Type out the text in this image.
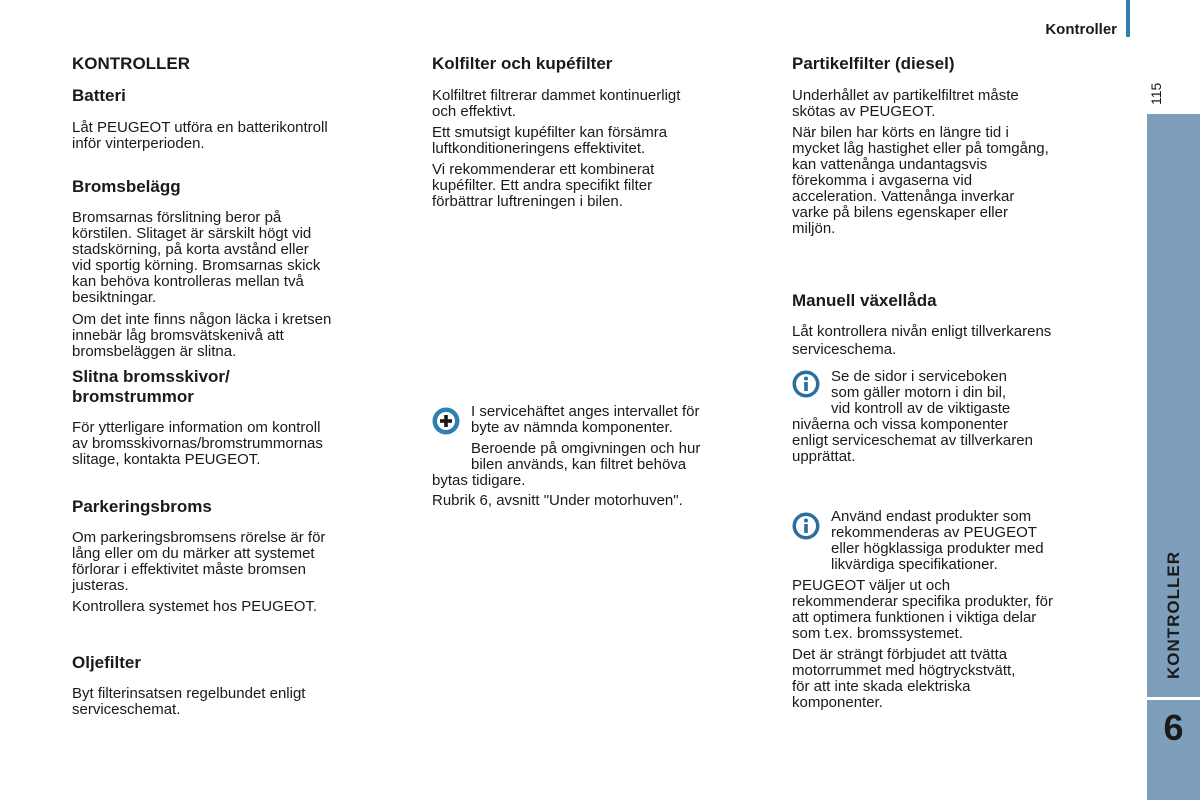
Kontroller
115
KONTROLLER
6
KONTROLLER
Batteri
Låt PEUGEOT utföra en batterikontroll
inför vinterperioden.
Bromsbelägg
Bromsarnas förslitning beror på
körstilen. Slitaget är särskilt högt vid
stadskörning, på korta avstånd eller
vid sportig körning. Bromsarnas skick
kan behöva kontrolleras mellan två
besiktningar.
Om det inte finns någon läcka i kretsen
innebär låg bromsvätskenivå att
bromsbeläggen är slitna.
Slitna bromsskivor/
bromstrummor
För ytterligare information om kontroll
av bromsskivornas/bromstrummornas
slitage, kontakta PEUGEOT.
Parkeringsbroms
Om parkeringsbromsens rörelse är för
lång eller om du märker att systemet
förlorar i effektivitet måste bromsen
justeras.
Kontrollera systemet hos PEUGEOT.
Oljefilter
Byt filterinsatsen regelbundet enligt
serviceschemat.
Kolfilter och kupéfilter
Kolfiltret filtrerar dammet kontinuerligt
och effektivt.
Ett smutsigt kupéfilter kan försämra
luftkonditioneringens effektivitet.
Vi rekommenderar ett kombinerat
kupéfilter. Ett andra specifikt filter
förbättrar luftreningen i bilen.
I servicehäftet anges intervallet för
byte av nämnda komponenter.
Beroende på omgivningen och hur
bilen används, kan filtret behöva
bytas tidigare.
Rubrik 6, avsnitt "Under motorhuven".
Partikelfilter (diesel)
Underhållet av partikelfiltret måste
skötas av PEUGEOT.
När bilen har körts en längre tid i
mycket låg hastighet eller på tomgång,
kan vattenånga undantagsvis
förekomma i avgaserna vid
acceleration. Vattenånga inverkar
varke på bilens egenskaper eller
miljön.
Manuell växellåda
Låt kontrollera nivån enligt tillverkarens
serviceschema.
Se de sidor i serviceboken
som gäller motorn i din bil,
vid kontroll av de viktigaste
nivåerna och vissa komponenter
enligt serviceschemat av tillverkaren
upprättat.
Använd endast produkter som
rekommenderas av PEUGEOT
eller högklassiga produkter med
likvärdiga specifikationer.
PEUGEOT väljer ut och
rekommenderar specifika produkter, för
att optimera funktionen i viktiga delar
som t.ex. bromssystemet.
Det är strängt förbjudet att tvätta
motorrummet med högtryckstvätt,
för att inte skada elektriska
komponenter.
